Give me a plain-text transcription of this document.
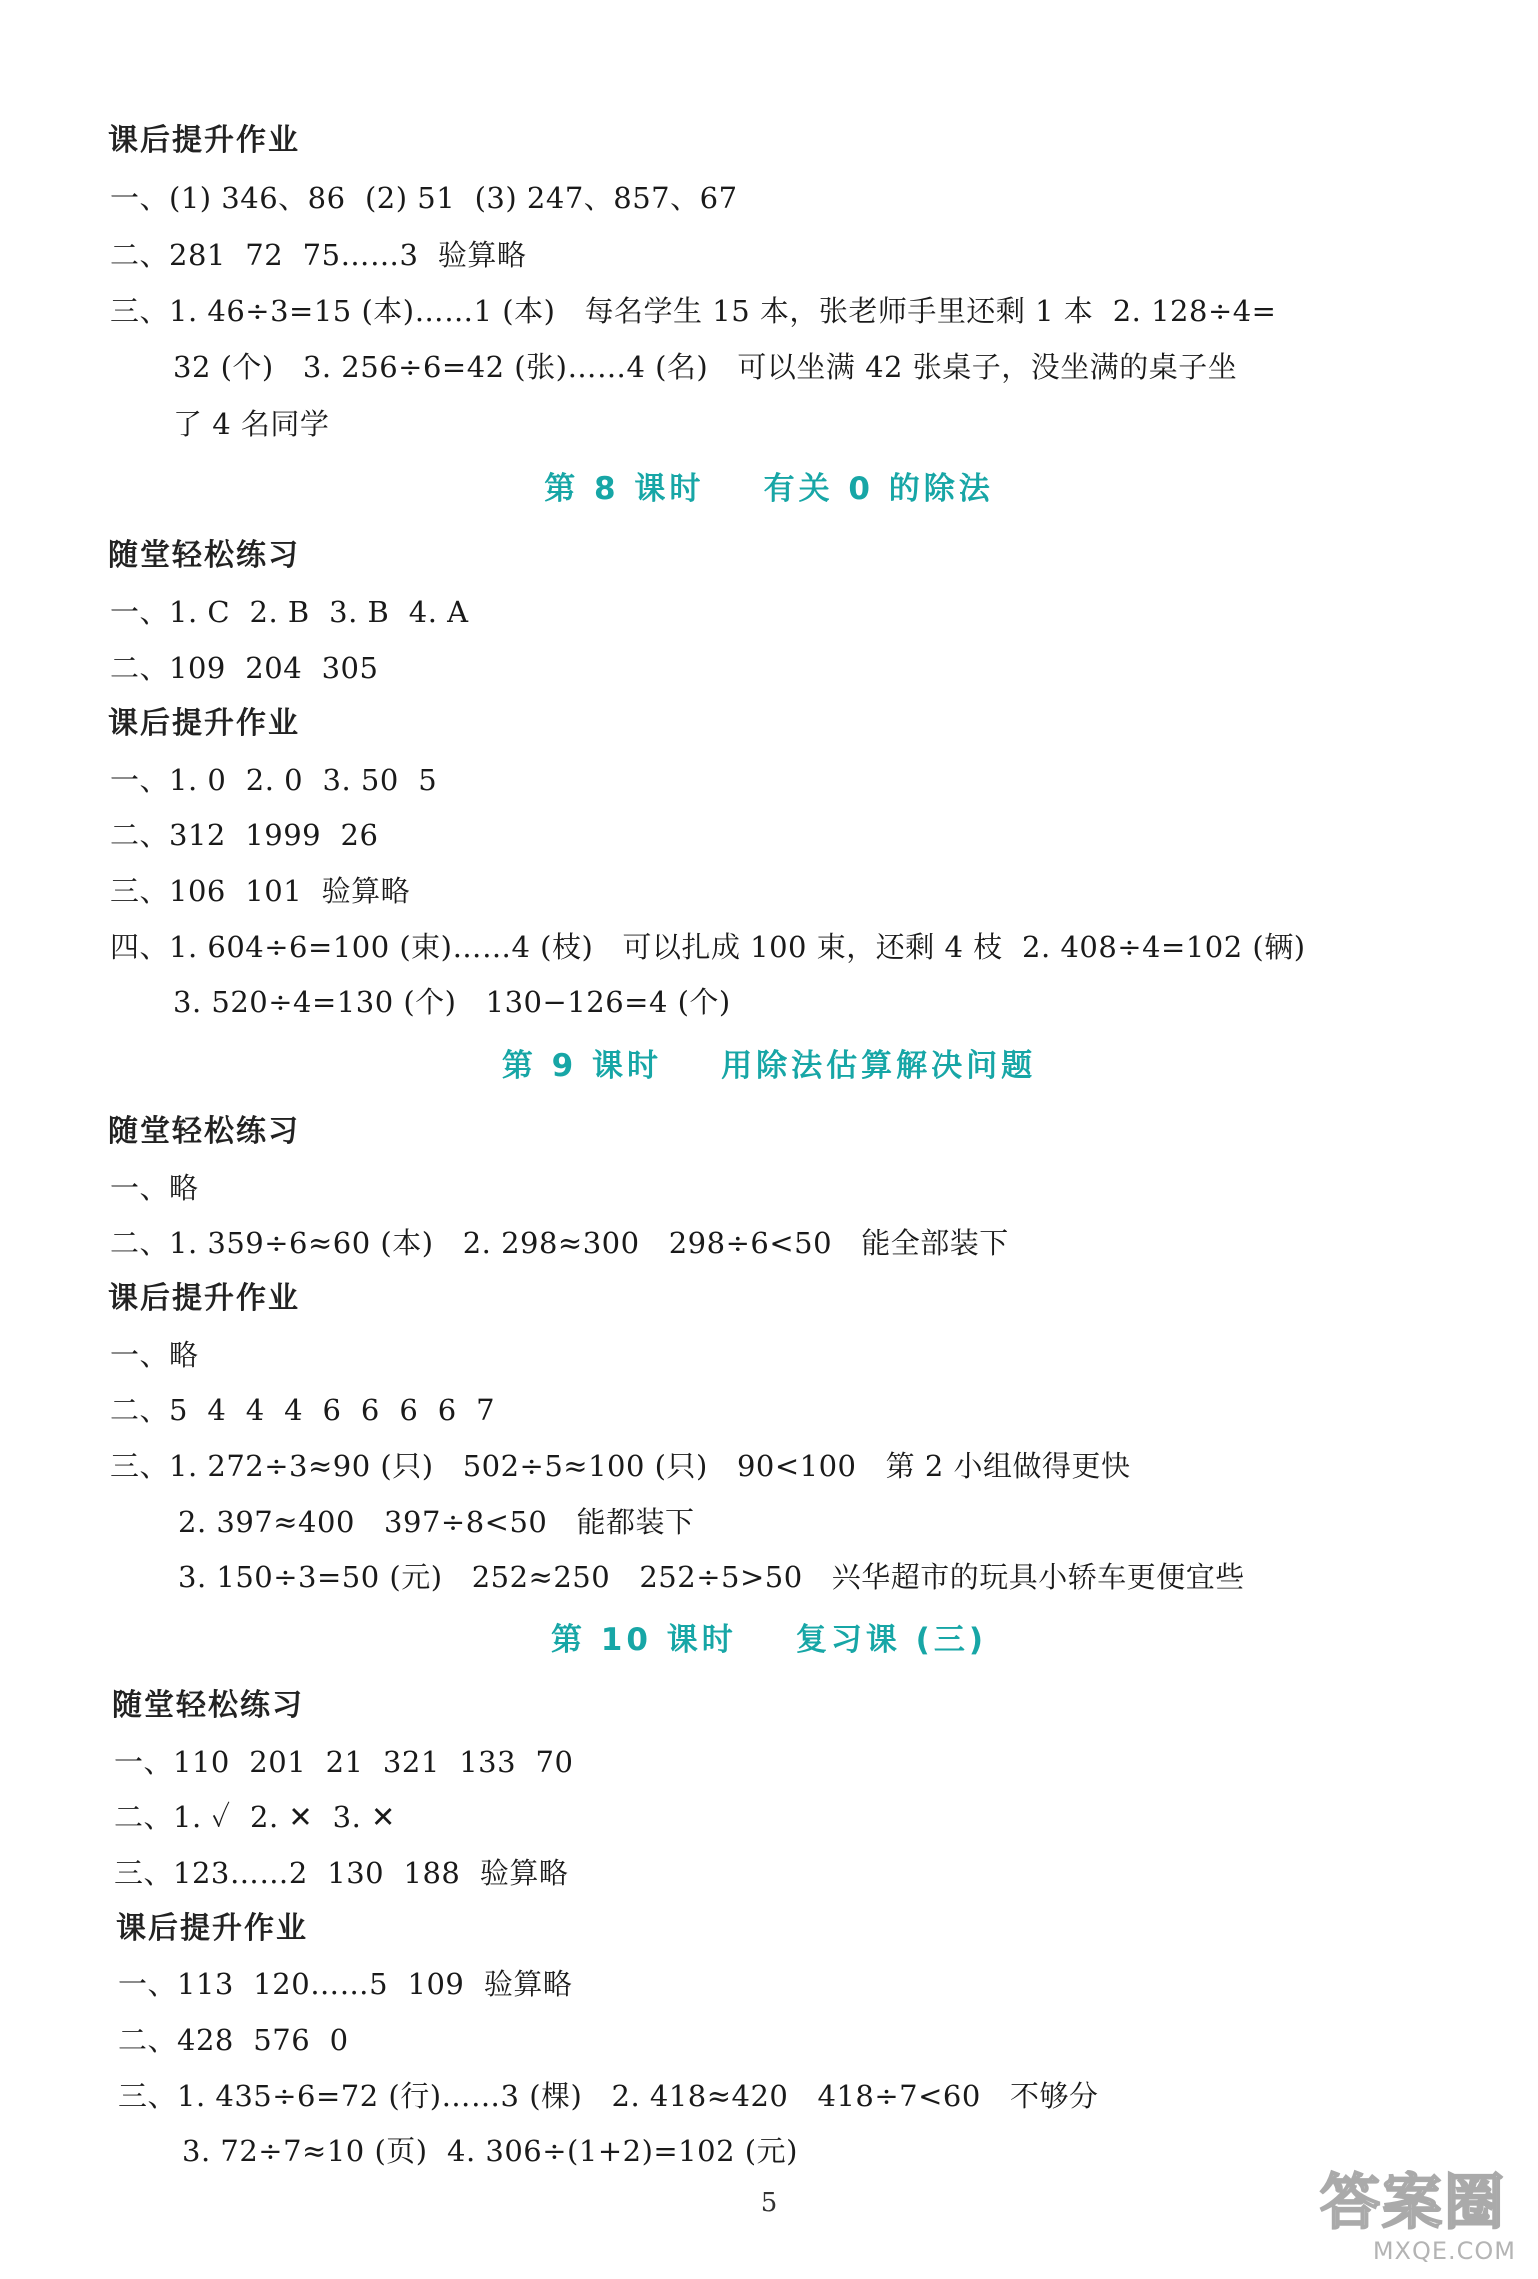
课后提升作业
一、(1) 346、86  (2) 51  (3) 247、857、67
二、281  72  75……3  验算略
三、1. 46÷3=15 (本)……1 (本)   每名学生 15 本，张老师手里还剩 1 本  2. 128÷4=
32 (个)   3. 256÷6=42 (张)……4 (名)   可以坐满 42 张桌子，没坐满的桌子坐
了 4 名同学
第 8 课时    有关 0 的除法
随堂轻松练习
一、1. C  2. B  3. B  4. A
二、109  204  305
课后提升作业
一、1. 0  2. 0  3. 50  5
二、312  1999  26
三、106  101  验算略
四、1. 604÷6=100 (束)……4 (枝)   可以扎成 100 束，还剩 4 枝  2. 408÷4=102 (辆)
3. 520÷4=130 (个)   130−126=4 (个)
第 9 课时    用除法估算解决问题
随堂轻松练习
一、略
二、1. 359÷6≈60 (本)   2. 298≈300   298÷6<50   能全部装下
课后提升作业
一、略
二、5  4  4  4  6  6  6  6  7
三、1. 272÷3≈90 (只)   502÷5≈100 (只)   90<100   第 2 小组做得更快
2. 397≈400   397÷8<50   能都装下
3. 150÷3=50 (元)   252≈250   252÷5>50   兴华超市的玩具小轿车更便宜些
第 10 课时    复习课 (三)
随堂轻松练习
一、110  201  21  321  133  70
二、1. ✓  2. ✕  3. ✕
三、123……2  130  188  验算略
课后提升作业
一、113  120……5  109  验算略
二、428  576  0
三、1. 435÷6=72 (行)……3 (棵)   2. 418≈420   418÷7<60   不够分
3. 72÷7≈10 (页)  4. 306÷(1+2)=102 (元)
5	答案圈
MXQE.COM
